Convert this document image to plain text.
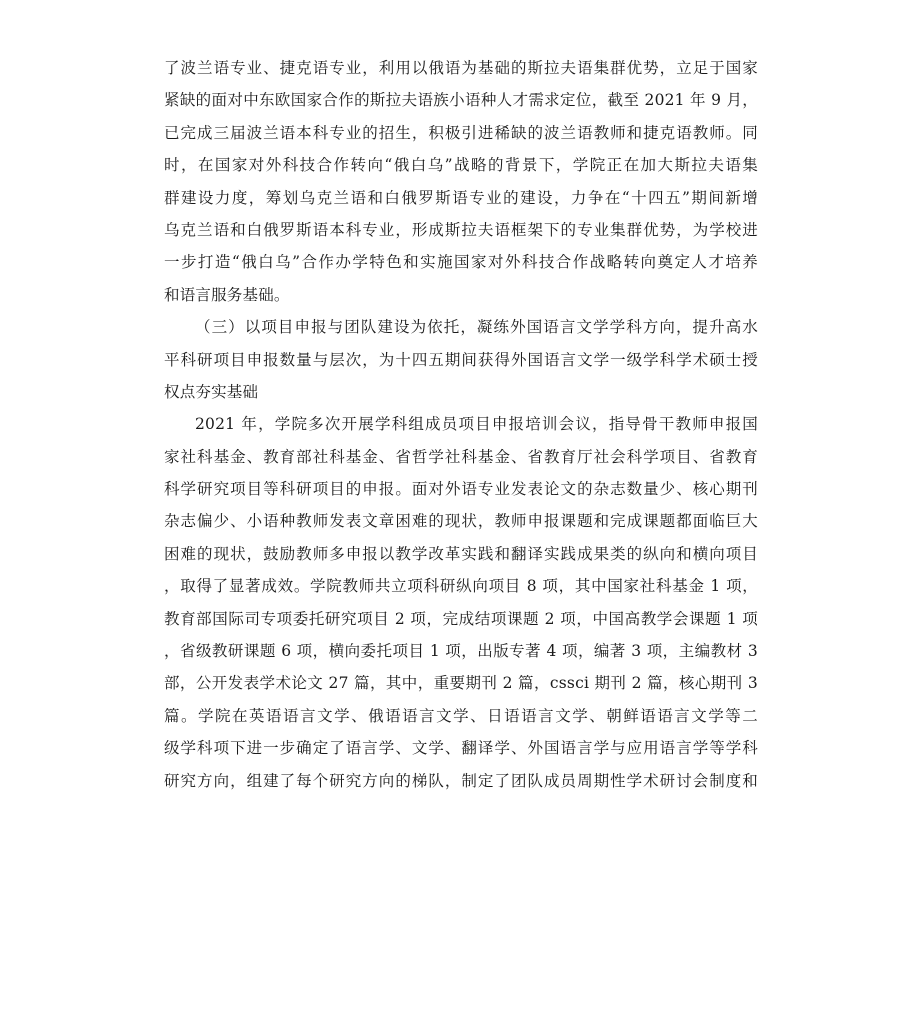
了波兰语专业、捷克语专业，利用以俄语为基础的斯拉夫语集群优势，立足于国家
紧缺的面对中东欧国家合作的斯拉夫语族小语种人才需求定位，截至 2021 年 9 月，
已完成三届波兰语本科专业的招生，积极引进稀缺的波兰语教师和捷克语教师。同
时，在国家对外科技合作转向“俄白乌”战略的背景下，学院正在加大斯拉夫语集
群建设力度，筹划乌克兰语和白俄罗斯语专业的建设，力争在“十四五”期间新增
乌克兰语和白俄罗斯语本科专业，形成斯拉夫语框架下的专业集群优势，为学校进
一步打造“俄白乌”合作办学特色和实施国家对外科技合作战略转向奠定人才培养
和语言服务基础。
（三）以项目申报与团队建设为依托，凝练外国语言文学学科方向，提升高水
平科研项目申报数量与层次，为十四五期间获得外国语言文学一级学科学术硕士授
权点夯实基础
2021 年，学院多次开展学科组成员项目申报培训会议，指导骨干教师申报国
家社科基金、教育部社科基金、省哲学社科基金、省教育厅社会科学项目、省教育
科学研究项目等科研项目的申报。面对外语专业发表论文的杂志数量少、核心期刊
杂志偏少、小语种教师发表文章困难的现状，教师申报课题和完成课题都面临巨大
困难的现状，鼓励教师多申报以教学改革实践和翻译实践成果类的纵向和横向项目
，取得了显著成效。学院教师共立项科研纵向项目 8 项，其中国家社科基金 1 项，
教育部国际司专项委托研究项目 2 项，完成结项课题 2 项，中国高教学会课题 1 项
，省级教研课题 6 项，横向委托项目 1 项，出版专著 4 项，编著 3 项，主编教材 3
部，公开发表学术论文 27 篇，其中，重要期刊 2 篇，cssci 期刊 2 篇，核心期刊 3
篇。学院在英语语言文学、俄语语言文学、日语语言文学、朝鲜语语言文学等二
级学科项下进一步确定了语言学、文学、翻译学、外国语言学与应用语言学等学科
研究方向，组建了每个研究方向的梯队，制定了团队成员周期性学术研讨会制度和
